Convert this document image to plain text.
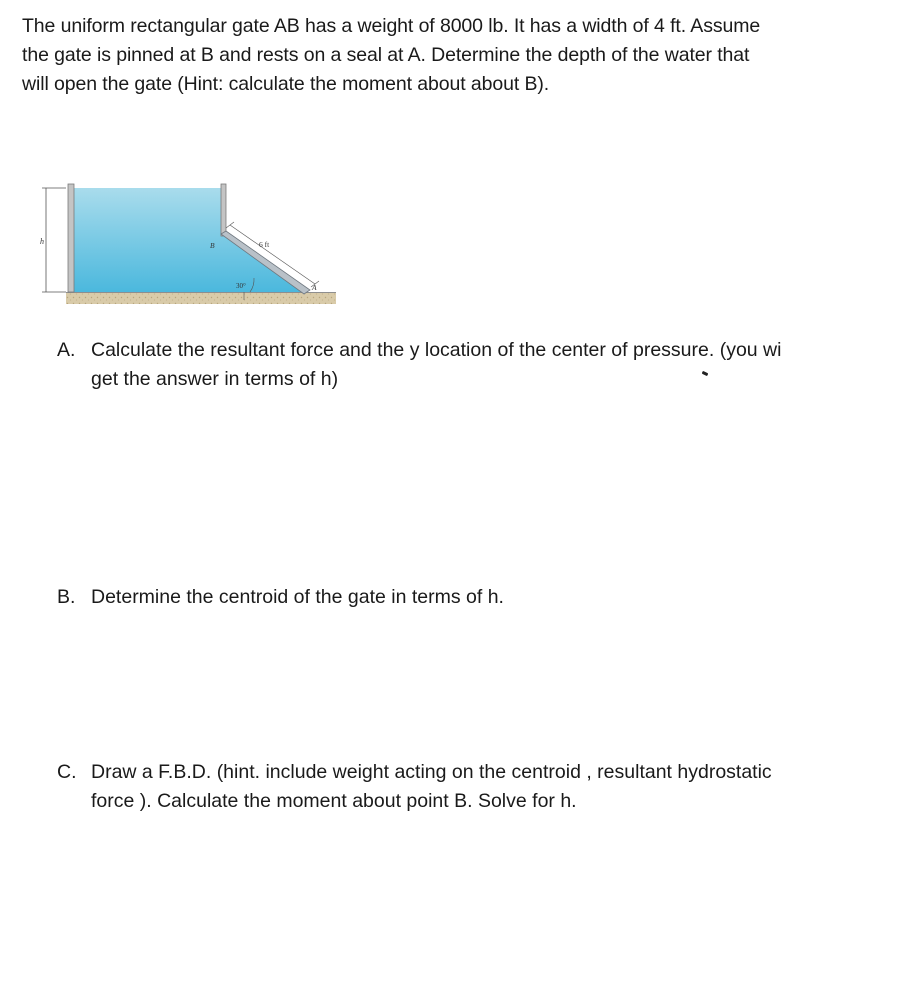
The uniform rectangular gate AB has a weight of 8000 lb. It has a width of 4 ft. Assume
the gate is pinned at B and rests on a seal at A. Determine the depth of the water that
will open the gate (Hint: calculate the moment about about B).
h	6 ft
B
A
30°
A. Calculate the resultant force and the y location of the center of pressure. (you wi
get the answer in terms of h)
B. Determine the centroid of the gate in terms of h.
C. Draw a F.B.D. (hint. include weight acting on the centroid , resultant hydrostatic
force ). Calculate the moment about point B. Solve for h.
